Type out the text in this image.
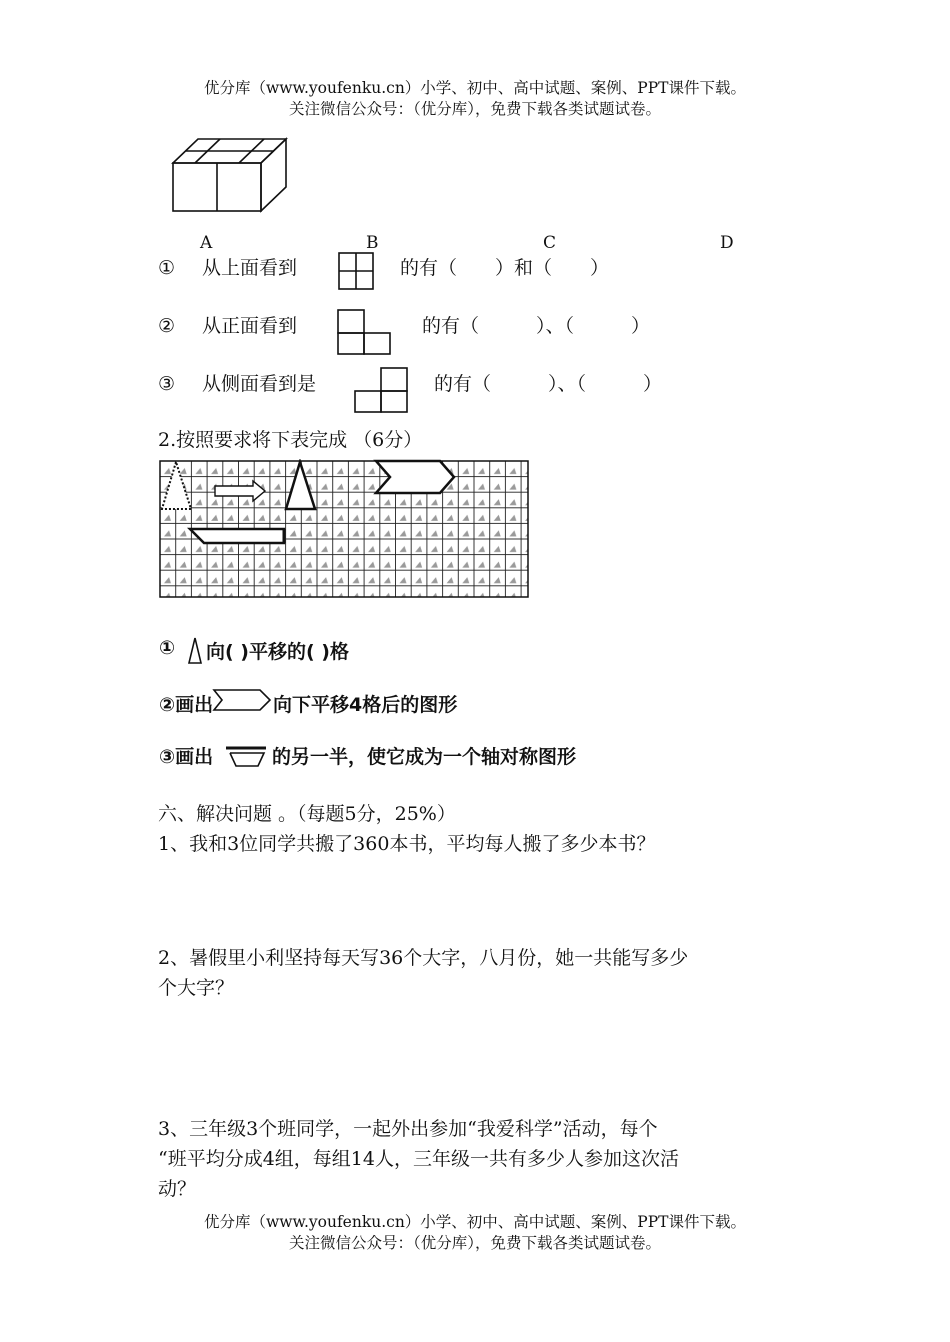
优分库（www.youfenku.cn）小学、初中、高中试题、案例、PPT课件下载。
关注微信公众号：（优分库），免费下载各类试题试卷。
A	B	C	D
① 从上面看到	的有（　　）和（　　）
② 从正面看到	的有（　　　）、（　　　）
③ 从侧面看到是	的有（　　　）、（　　　）
2.按照要求将下表完成 （6分）
① 向( )平移的( )格
②画出	向下平移4格后的图形
③画出	的另一半，使它成为一个轴对称图形
六、解决问题 。（每题5分，25%）
1、我和3位同学共搬了360本书，平均每人搬了多少本书？
2、暑假里小利坚持每天写36个大字，八月份，她一共能写多少
个大字？
3、三年级3个班同学，一起外出参加“我爱科学”活动，每个
“班平均分成4组，每组14人，三年级一共有多少人参加这次活
动？
优分库（www.youfenku.cn）小学、初中、高中试题、案例、PPT课件下载。
关注微信公众号：（优分库），免费下载各类试题试卷。
